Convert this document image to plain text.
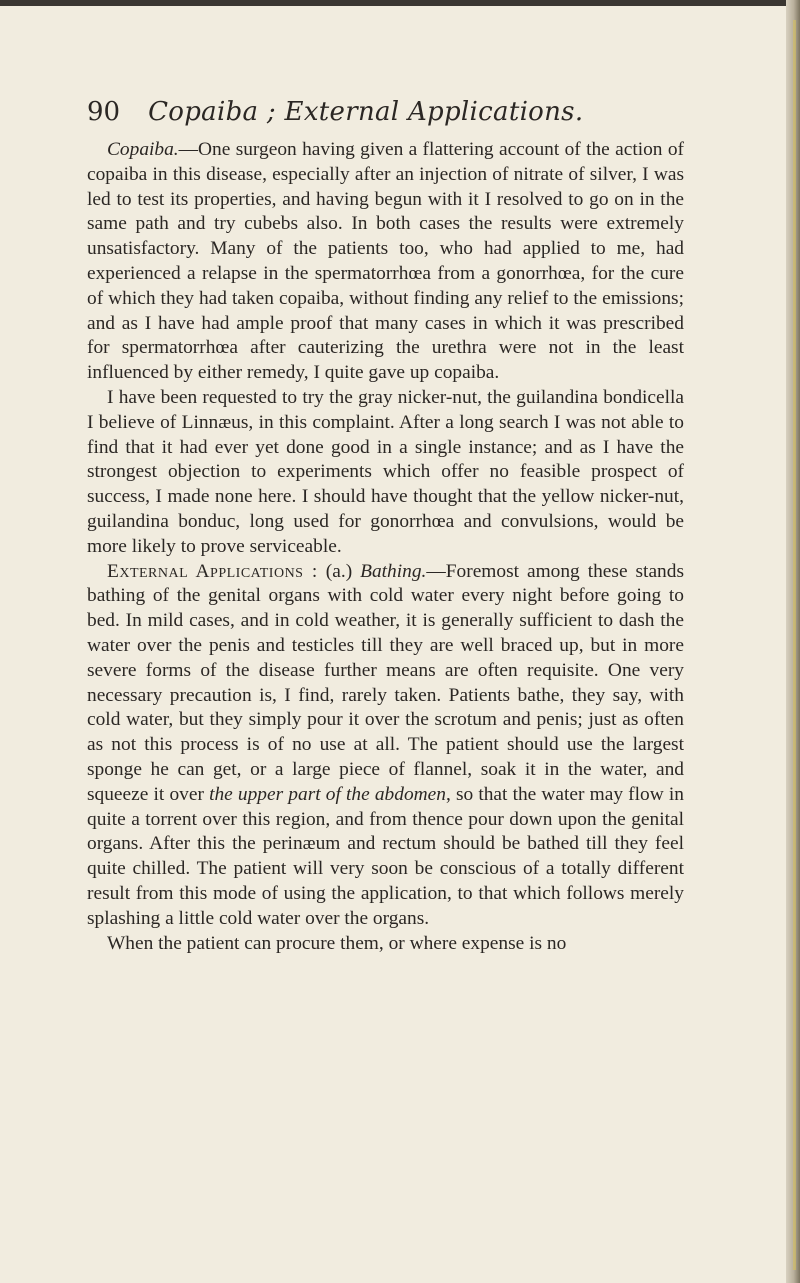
90 Copaiba ; External Applications.

Copaiba.—One surgeon having given a flattering account of the action of copaiba in this disease, especially after an injection of nitrate of silver, I was led to test its properties, and having begun with it I resolved to go on in the same path and try cubebs also. In both cases the results were extremely unsatisfactory. Many of the patients too, who had applied to me, had experienced a relapse in the spermatorrhœa from a gonorrhœa, for the cure of which they had taken copaiba, without finding any relief to the emissions; and as I have had ample proof that many cases in which it was prescribed for spermatorrhœa after cauterizing the urethra were not in the least influenced by either remedy, I quite gave up copaiba.

I have been requested to try the gray nicker-nut, the guilandina bondicella I believe of Linnæus, in this complaint. After a long search I was not able to find that it had ever yet done good in a single instance; and as I have the strongest objection to experiments which offer no feasible prospect of success, I made none here. I should have thought that the yellow nicker-nut, guilandina bonduc, long used for gonorrhœa and convulsions, would be more likely to prove serviceable.

External Applications : (a.) Bathing.—Foremost among these stands bathing of the genital organs with cold water every night before going to bed. In mild cases, and in cold weather, it is generally sufficient to dash the water over the penis and testicles till they are well braced up, but in more severe forms of the disease further means are often requisite. One very necessary precaution is, I find, rarely taken. Patients bathe, they say, with cold water, but they simply pour it over the scrotum and penis; just as often as not this process is of no use at all. The patient should use the largest sponge he can get, or a large piece of flannel, soak it in the water, and squeeze it over the upper part of the abdomen, so that the water may flow in quite a torrent over this region, and from thence pour down upon the genital organs. After this the perinæum and rectum should be bathed till they feel quite chilled. The patient will very soon be conscious of a totally different result from this mode of using the application, to that which follows merely splashing a little cold water over the organs.

When the patient can procure them, or where expense is no
